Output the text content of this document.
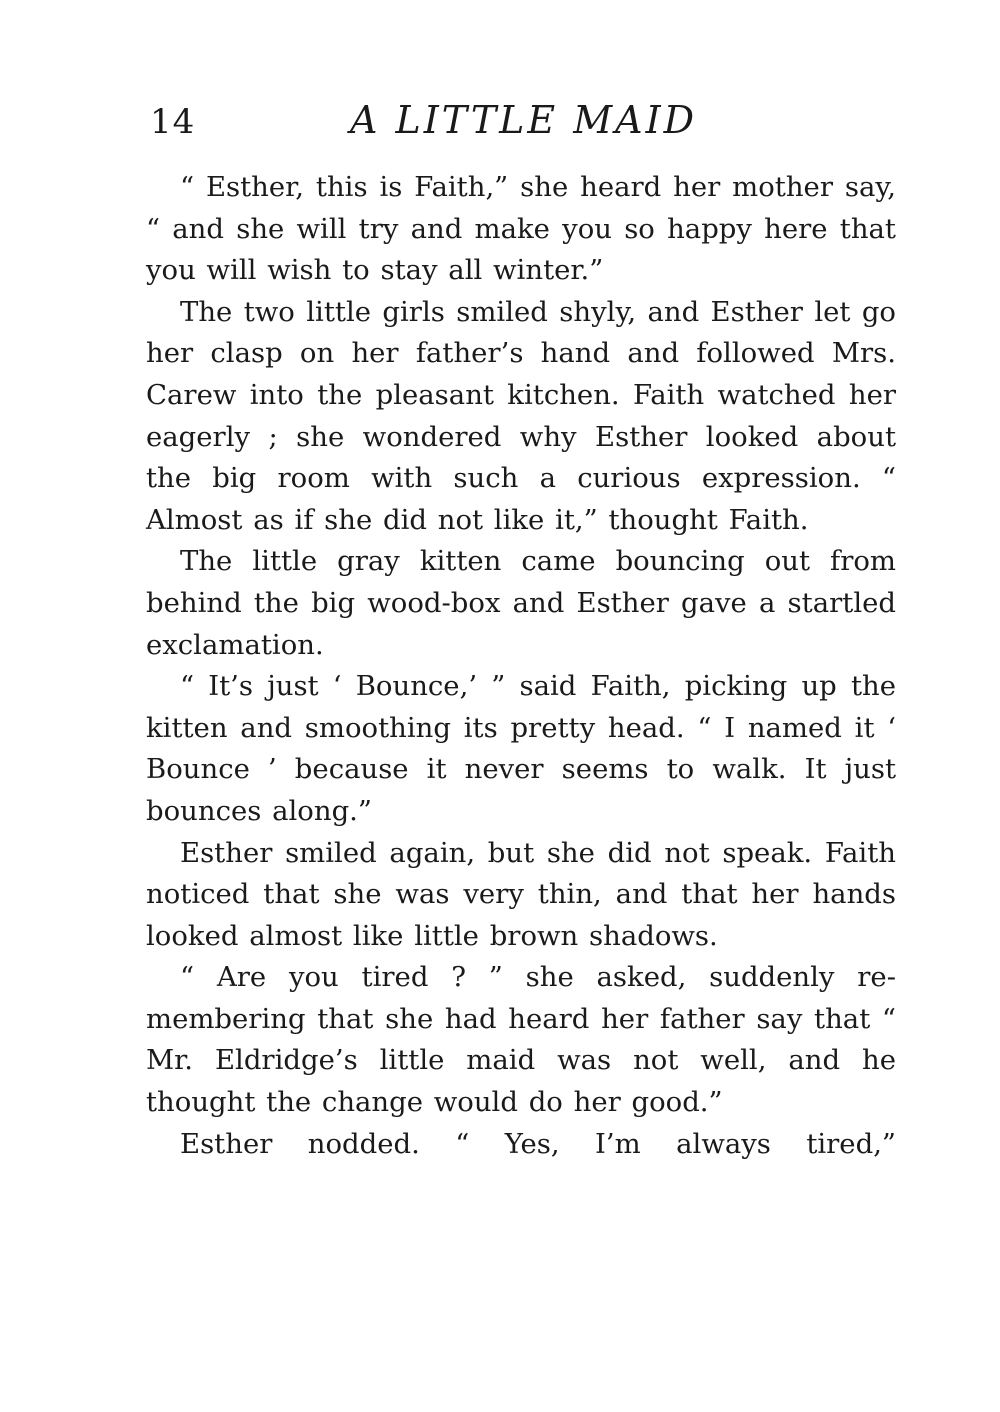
14	A LITTLE MAID

“ Esther, this is Faith,” she heard her mother say, “ and she will try and make you so happy here that you will wish to stay all winter.”

The two little girls smiled shyly, and Esther let go her clasp on her father’s hand and followed Mrs. Carew into the pleasant kitchen. Faith watched her eagerly ; she wondered why Esther looked about the big room with such a curious expression. “ Almost as if she did not like it,” thought Faith.

The little gray kitten came bouncing out from behind the big wood-box and Esther gave a startled exclamation.

“ It’s just ‘ Bounce,’ ” said Faith, picking up the kitten and smoothing its pretty head. “ I named it ‘ Bounce ’ because it never seems to walk. It just bounces along.”

Esther smiled again, but she did not speak. Faith noticed that she was very thin, and that her hands looked almost like little brown shadows.

“ Are you tired ? ” she asked, suddenly remembering that she had heard her father say that “ Mr. Eldridge’s little maid was not well, and he thought the change would do her good.”

Esther nodded. “ Yes, I’m always tired,”
